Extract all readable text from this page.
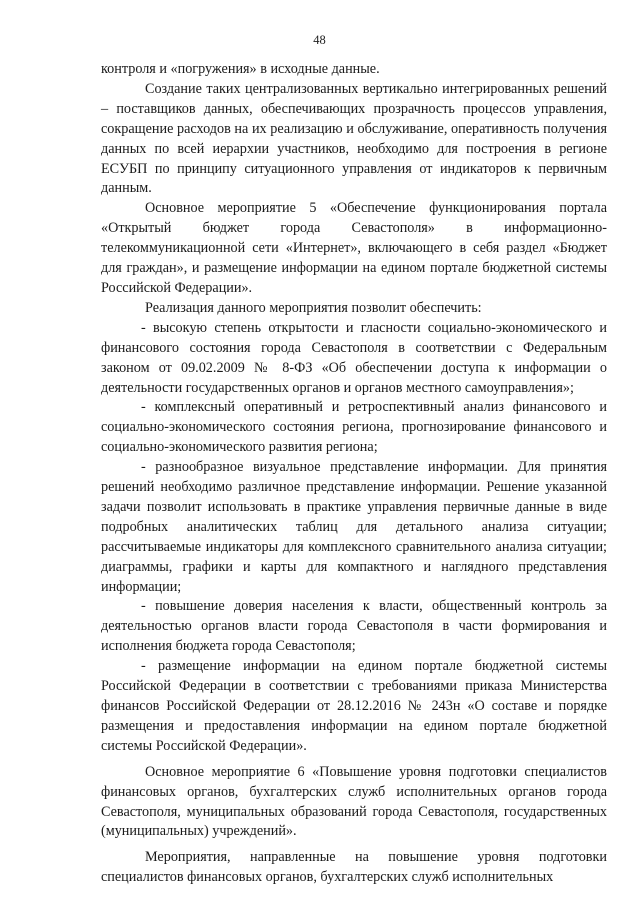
48

контроля и «погружения» в исходные данные.

Создание таких централизованных вертикально интегрированных решений – поставщиков данных, обеспечивающих прозрачность процессов управления, сокращение расходов на их реализацию и обслуживание, оперативность получения данных по всей иерархии участников, необходимо для построения в регионе ЕСУБП по принципу ситуационного управления от индикаторов к первичным данным.

Основное мероприятие 5 «Обеспечение функционирования портала «Открытый бюджет города Севастополя» в информационно-телекоммуникационной сети «Интернет», включающего в себя раздел «Бюджет для граждан», и размещение информации на едином портале бюджетной системы Российской Федерации».

Реализация данного мероприятия позволит обеспечить:

- высокую степень открытости и гласности социально-экономического и финансового состояния города Севастополя в соответствии с Федеральным законом от 09.02.2009 № 8-ФЗ «Об обеспечении доступа к информации о деятельности государственных органов и органов местного самоуправления»;

- комплексный оперативный и ретроспективный анализ финансового и социально-экономического состояния региона, прогнозирование финансового и социально-экономического развития региона;

- разнообразное визуальное представление информации. Для принятия решений необходимо различное представление информации. Решение указанной задачи позволит использовать в практике управления первичные данные в виде подробных аналитических таблиц для детального анализа ситуации; рассчитываемые индикаторы для комплексного сравнительного анализа ситуации; диаграммы, графики и карты для компактного и наглядного представления информации;

- повышение доверия населения к власти, общественный контроль за деятельностью органов власти города Севастополя в части формирования и исполнения бюджета города Севастополя;

- размещение информации на едином портале бюджетной системы Российской Федерации в соответствии с требованиями приказа Министерства финансов Российской Федерации от 28.12.2016 № 243н «О составе и порядке размещения и предоставления информации на едином портале бюджетной системы Российской Федерации».

Основное мероприятие 6 «Повышение уровня подготовки специалистов финансовых органов, бухгалтерских служб исполнительных органов города Севастополя, муниципальных образований города Севастополя, государственных (муниципальных) учреждений».

Мероприятия, направленные на повышение уровня подготовки специалистов финансовых органов, бухгалтерских служб исполнительных
